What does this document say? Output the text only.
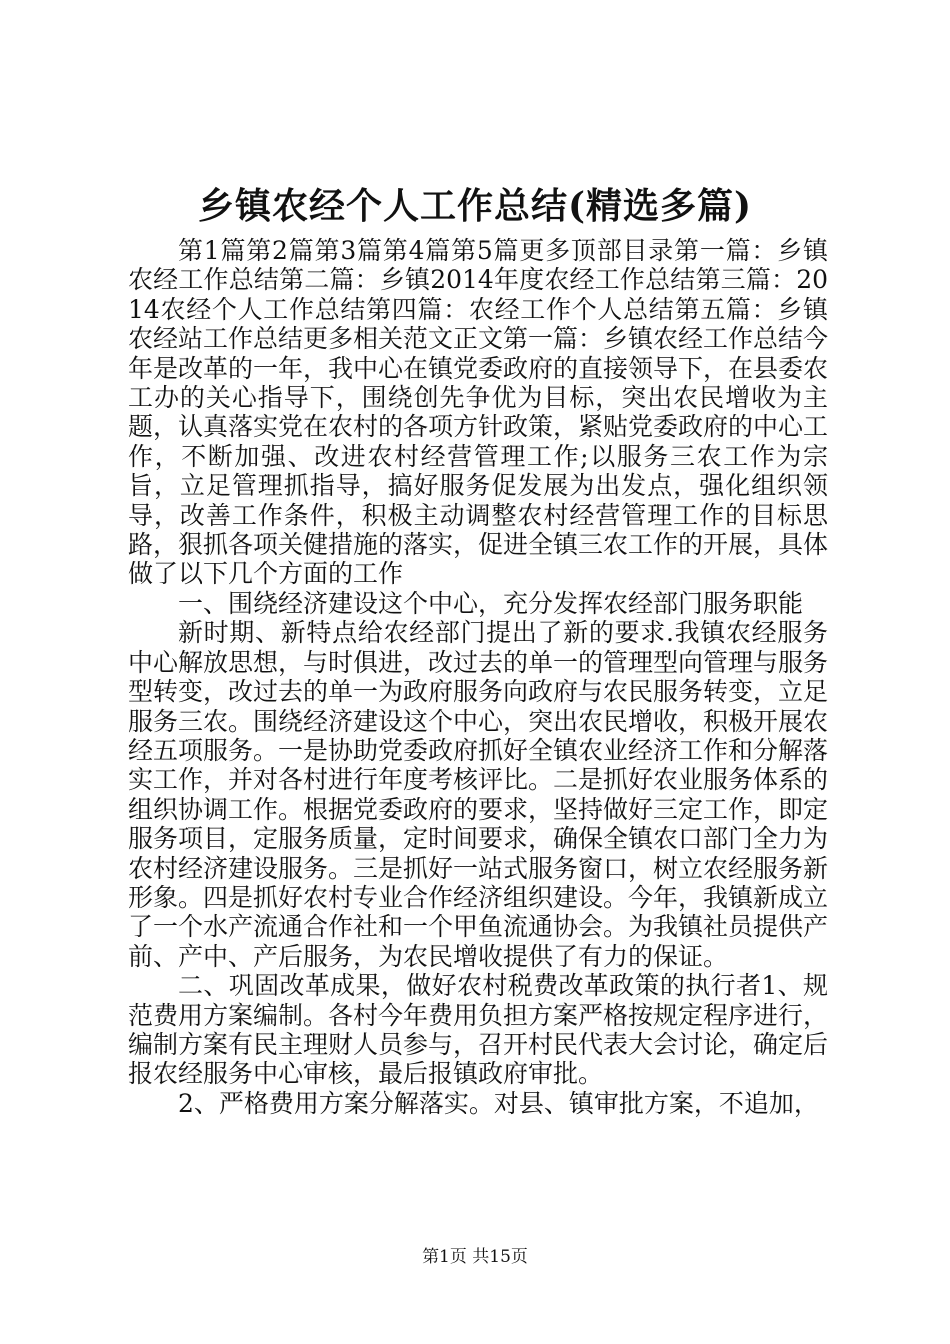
乡镇农经个人工作总结(精选多篇)

第1篇第2篇第3篇第4篇第5篇更多顶部目录第一篇：乡镇农经工作总结第二篇：乡镇2014年度农经工作总结第三篇：2014农经个人工作总结第四篇：农经工作个人总结第五篇：乡镇农经站工作总结更多相关范文正文第一篇：乡镇农经工作总结今年是改革的一年，我中心在镇党委政府的直接领导下，在县委农工办的关心指导下，围绕创先争优为目标，突出农民增收为主题，认真落实党在农村的各项方针政策，紧贴党委政府的中心工作，不断加强、改进农村经营管理工作;以服务三农工作为宗旨，立足管理抓指导，搞好服务促发展为出发点，强化组织领导，改善工作条件，积极主动调整农村经营管理工作的目标思路，狠抓各项关健措施的落实，促进全镇三农工作的开展，具体做了以下几个方面的工作

一、围绕经济建设这个中心，充分发挥农经部门服务职能

新时期、新特点给农经部门提出了新的要求.我镇农经服务中心解放思想，与时俱进，改过去的单一的管理型向管理与服务型转变，改过去的单一为政府服务向政府与农民服务转变，立足服务三农。围绕经济建设这个中心，突出农民增收，积极开展农经五项服务。一是协助党委政府抓好全镇农业经济工作和分解落实工作，并对各村进行年度考核评比。二是抓好农业服务体系的组织协调工作。根据党委政府的要求，坚持做好三定工作，即定服务项目，定服务质量，定时间要求，确保全镇农口部门全力为农村经济建设服务。三是抓好一站式服务窗口，树立农经服务新形象。四是抓好农村专业合作经济组织建设。今年，我镇新成立了一个水产流通合作社和一个甲鱼流通协会。为我镇社员提供产前、产中、产后服务，为农民增收提供了有力的保证。

二、巩固改革成果，做好农村税费改革政策的执行者1、规范费用方案编制。各村今年费用负担方案严格按规定程序进行，编制方案有民主理财人员参与，召开村民代表大会讨论，确定后报农经服务中心审核，最后报镇政府审批。

2、严格费用方案分解落实。对县、镇审批方案，不追加，

第1页 共15页
